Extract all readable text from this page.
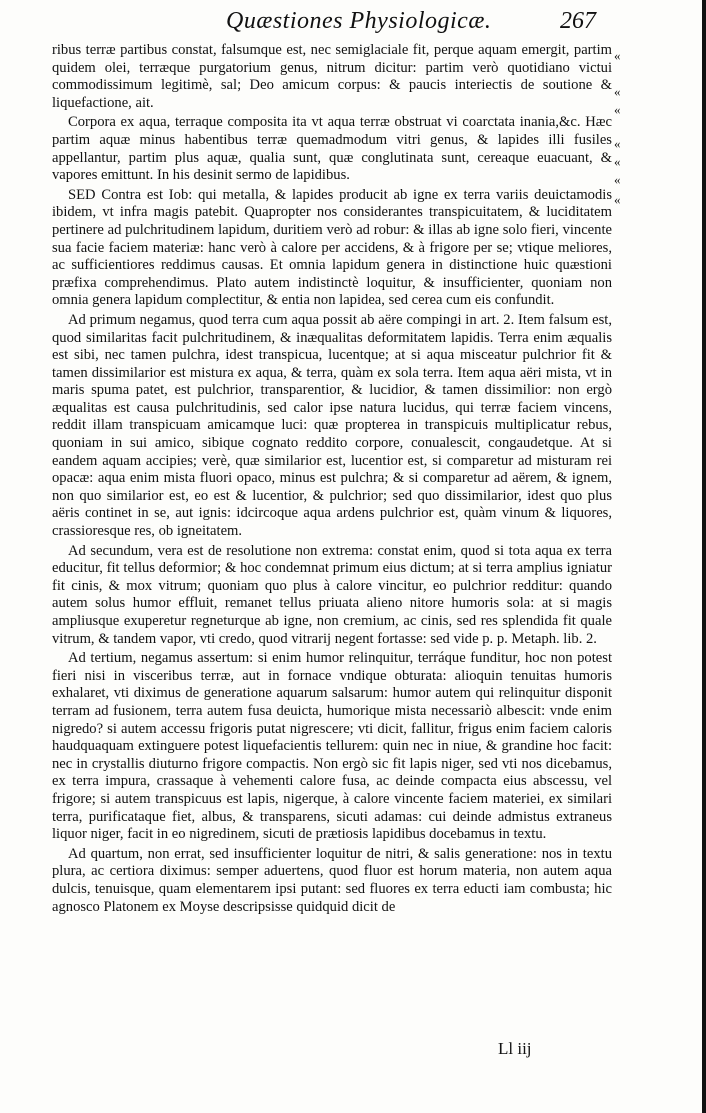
Quæstiones Physiologicæ.	267

ribus terræ partibus constat, falsumque est, nec semiglaciale fit, perque aquam emergit, partim quidem olei, terræque purgatorium genus, nitrum dicitur: partim verò quotidiano victui commodissimum legitimè, sal; Deo amicum corpus: & paucis interiectis de soutione & liquefactione, ait.

Corpora ex aqua, terraque composita ita vt aqua terræ obstruat vi coarctata inania,&c. Hæc partim aquæ minus habentibus terræ quemadmodum vitri genus, & lapides illi fusiles appellantur, partim plus aquæ, qualia sunt, quæ conglutinata sunt, cereaque euacuant, & vapores emittunt. In his desinit sermo de lapidibus.

SED Contra est Iob: qui metalla, & lapides producit ab igne ex terra variis deuictamodis ibidem, vt infra magis patebit. Quapropter nos considerantes transpicuitatem, & luciditatem pertinere ad pulchritudinem lapidum, duritiem verò ad robur: & illas ab igne solo fieri, vincente sua facie faciem materiæ: hanc verò à calore per accidens, & à frigore per se; vtique meliores, ac sufficientiores reddimus causas. Et omnia lapidum genera in distinctione huic quæstioni præfixa comprehendimus. Plato autem indistinctè loquitur, & insufficienter, quoniam non omnia genera lapidum complectitur, & entia non lapidea, sed cerea cum eis confundit.

Ad primum negamus, quod terra cum aqua possit ab aëre compingi in art. 2. Item falsum est, quod similaritas facit pulchritudinem, & inæqualitas deformitatem lapidis. Terra enim æqualis est sibi, nec tamen pulchra, idest transpicua, lucentque; at si aqua misceatur pulchrior fit & tamen dissimilarior est mistura ex aqua, & terra, quàm ex sola terra. Item aqua aëri mista, vt in maris spuma patet, est pulchrior, transparentior, & lucidior, & tamen dissimilior: non ergò æqualitas est causa pulchritudinis, sed calor ipse natura lucidus, qui terræ faciem vincens, reddit illam transpicuam amicamque luci: quæ propterea in transpicuis multiplicatur rebus, quoniam in sui amico, sibique cognato reddito corpore, conualescit, congaudetque. At si eandem aquam accipies; verè, quæ similarior est, lucentior est, si comparetur ad misturam rei opacæ: aqua enim mista fluori opaco, minus est pulchra; & si comparetur ad aërem, & ignem, non quo similarior est, eo est & lucentior, & pulchrior; sed quo dissimilarior, idest quo plus aëris continet in se, aut ignis: idcircoque aqua ardens pulchrior est, quàm vinum & liquores, crassioresque res, ob igneitatem.

Ad secundum, vera est de resolutione non extrema: constat enim, quod si tota aqua ex terra educitur, fit tellus deformior; & hoc condemnat primum eius dictum; at si terra amplius igniatur fit cinis, & mox vitrum; quoniam quo plus à calore vincitur, eo pulchrior redditur: quando autem solus humor effluit, remanet tellus priuata alieno nitore humoris sola: at si magis ampliusque exuperetur regneturque ab igne, non cremium, ac cinis, sed res splendida fit quale vitrum, & tandem vapor, vti credo, quod vitrarij negent fortasse: sed vide p. p. Metaph. lib. 2.

Ad tertium, negamus assertum: si enim humor relinquitur, terráque funditur, hoc non potest fieri nisi in visceribus terræ, aut in fornace vndique obturata: alioquin tenuitas humoris exhalaret, vti diximus de generatione aquarum salsarum: humor autem qui relinquitur disponit terram ad fusionem, terra autem fusa deuicta, humorique mista necessariò albescit: vnde enim nigredo? si autem accessu frigoris putat nigrescere; vti dicit, fallitur, frigus enim faciem caloris haudquaquam extinguere potest liquefacientis tellurem: quin nec in niue, & grandine hoc facit: nec in crystallis diuturno frigore compactis. Non ergò sic fit lapis niger, sed vti nos dicebamus, ex terra impura, crassaque à vehementi calore fusa, ac deinde compacta eius abscessu, vel frigore; si autem transpicuus est lapis, nigerque, à calore vincente faciem materiei, ex similari terra, purificataque fiet, albus, & transparens, sicuti adamas: cui deinde admistus extraneus liquor niger, facit in eo nigredinem, sicuti de prætiosis lapidibus docebamus in textu.

Ad quartum, non errat, sed insufficienter loquitur de nitri, & salis generatione: nos in textu plura, ac certiora diximus: semper aduertens, quod fluor est horum materia, non autem aqua dulcis, tenuisque, quam elementarem ipsi putant: sed fluores ex terra educti iam combusta; hic agnosco Platonem ex Moyse descripsisse quidquid dicit de

«
«
«
«
«
«
«
Ll iij
